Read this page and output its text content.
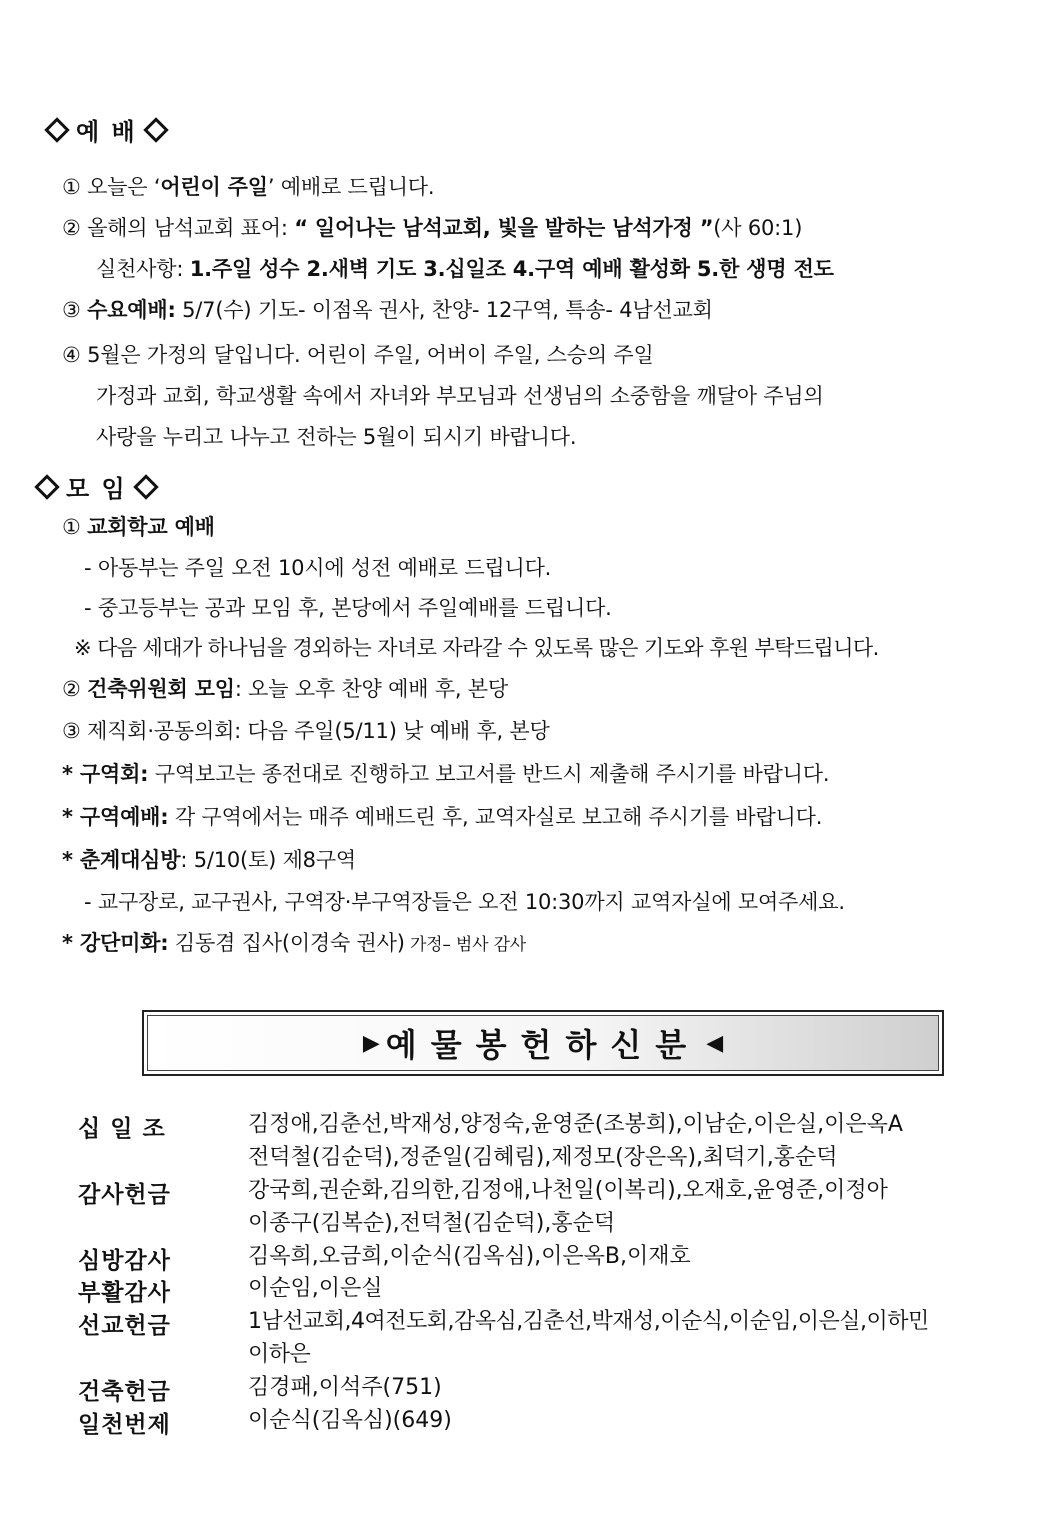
예 배
① 오늘은 ‘어린이 주일’ 예배로 드립니다.
② 올해의 남석교회 표어: “ 일어나는 남석교회, 빛을 발하는 남석가정 ”(사 60:1)
실천사항: 1.주일 성수 2.새벽 기도 3.십일조 4.구역 예배 활성화 5.한 생명 전도
③ 수요예배: 5/7(수) 기도- 이점옥 권사, 찬양- 12구역, 특송- 4남선교회
④ 5월은 가정의 달입니다. 어린이 주일, 어버이 주일, 스승의 주일
가정과 교회, 학교생활 속에서 자녀와 부모님과 선생님의 소중함을 깨달아 주님의
사랑을 누리고 나누고 전하는 5월이 되시기 바랍니다.
모 임
① 교회학교 예배
- 아동부는 주일 오전 10시에 성전 예배로 드립니다.
- 중고등부는 공과 모임 후, 본당에서 주일예배를 드립니다.
※ 다음 세대가 하나님을 경외하는 자녀로 자라갈 수 있도록 많은 기도와 후원 부탁드립니다.
② 건축위원회 모임: 오늘 오후 찬양 예배 후, 본당
③ 제직회·공동의회: 다음 주일(5/11) 낮 예배 후, 본당
* 구역회: 구역보고는 종전대로 진행하고 보고서를 반드시 제출해 주시기를 바랍니다.
* 구역예배: 각 구역에서는 매주 예배드린 후, 교역자실로 보고해 주시기를 바랍니다.
* 춘계대심방: 5/10(토) 제8구역
- 교구장로, 교구권사, 구역장·부구역장들은 오전 10:30까지 교역자실에 모여주세요.
* 강단미화: 김동겸 집사(이경숙 권사) 가정– 범사 감사
▶ 예물봉헌하신분 ◀
십 일 조	김정애,김춘선,박재성,양정숙,윤영준(조봉희),이남순,이은실,이은옥A
전덕철(김순덕),정준일(김혜림),제정모(장은옥),최덕기,홍순덕
감사헌금	강국희,권순화,김의한,김정애,나천일(이복리),오재호,윤영준,이정아
이종구(김복순),전덕철(김순덕),홍순덕
심방감사	김옥희,오금희,이순식(김옥심),이은옥B,이재호
부활감사	이순임,이은실
선교헌금	1남선교회,4여전도회,감옥심,김춘선,박재성,이순식,이순임,이은실,이하민
이하은
건축헌금	김경패,이석주(751)
일천번제	이순식(김옥심)(649)
